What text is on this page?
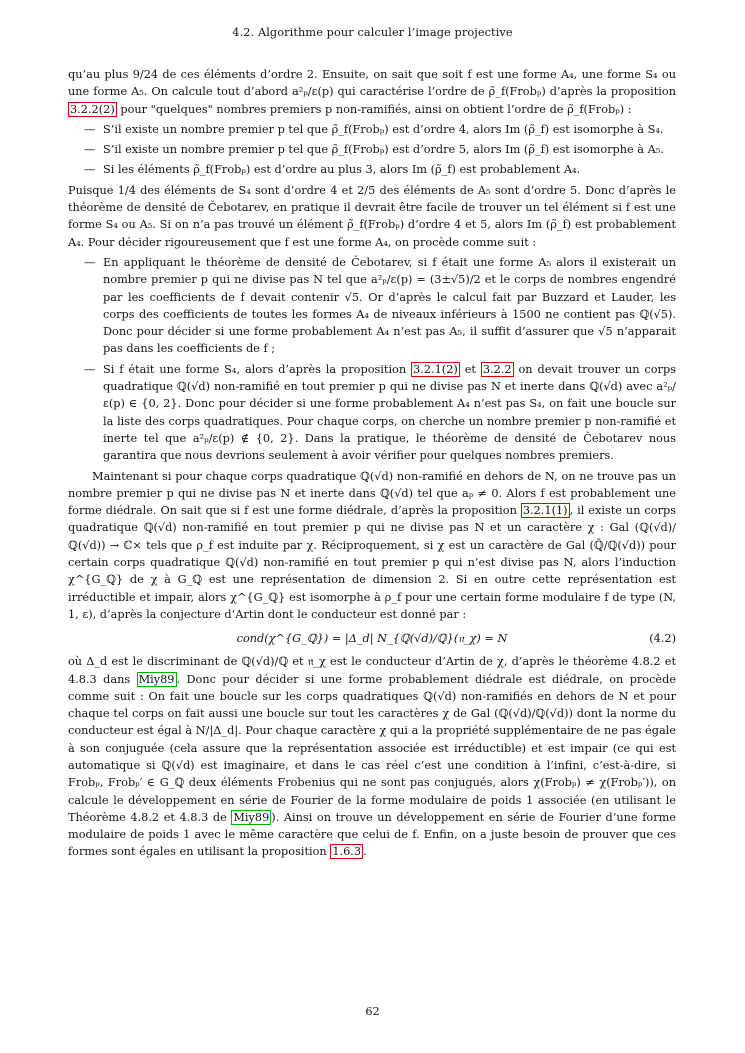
4.2. Algorithme pour calculer l’image projective

qu’au plus 9/24 de ces éléments d’ordre 2. Ensuite, on sait que soit f est une forme A₄, une forme S₄ ou une forme A₅. On calcule tout d’abord a²ₚ/ε(p) qui caractérise l’ordre de ρ̃_f(Frobₚ) d’après la proposition 3.2.2(2) pour "quelques" nombres premiers p non-ramifiés, ainsi on obtient l’ordre de ρ̃_f(Frobₚ) :

— S’il existe un nombre premier p tel que ρ̃_f(Frobₚ) est d’ordre 4, alors Im (ρ̃_f) est isomorphe à S₄.
— S’il existe un nombre premier p tel que ρ̃_f(Frobₚ) est d’ordre 5, alors Im (ρ̃_f) est isomorphe à A₅.
— Si les éléments ρ̃_f(Frobₚ) est d’ordre au plus 3, alors Im (ρ̃_f) est probablement A₄.

Puisque 1/4 des éléments de S₄ sont d’ordre 4 et 2/5 des éléments de A₅ sont d’ordre 5. Donc d’après le théorème de densité de Čebotarev, en pratique il devrait être facile de trouver un tel élément si f est une forme S₄ ou A₅. Si on n’a pas trouvé un élément ρ̃_f(Frobₚ) d’ordre 4 et 5, alors Im (ρ̃_f) est probablement A₄. Pour décider rigoureusement que f est une forme A₄, on procède comme suit :

— En appliquant le théorème de densité de Čebotarev, si f était une forme A₅ alors il existerait un nombre premier p qui ne divise pas N tel que a²ₚ/ε(p) = (3±√5)/2 et le corps de nombres engendré par les coefficients de f devait contenir √5. Or d’après le calcul fait par Buzzard et Lauder, les corps des coefficients de toutes les formes A₄ de niveaux inférieurs à 1500 ne contient pas ℚ(√5). Donc pour décider si une forme probablement A₄ n’est pas A₅, il suffit d’assurer que √5 n’apparait pas dans les coefficients de f ;
— Si f était une forme S₄, alors d’après la proposition 3.2.1(2) et 3.2.2 on devait trouver un corps quadratique ℚ(√d) non-ramifié en tout premier p qui ne divise pas N et inerte dans ℚ(√d) avec a²ₚ/ε(p) ∈ {0, 2}. Donc pour décider si une forme probablement A₄ n’est pas S₄, on fait une boucle sur la liste des corps quadratiques. Pour chaque corps, on cherche un nombre premier p non-ramifié et inerte tel que a²ₚ/ε(p) ∉ {0, 2}. Dans la pratique, le théorème de densité de Čebotarev nous garantira que nous devrions seulement à avoir vérifier pour quelques nombres premiers.

Maintenant si pour chaque corps quadratique ℚ(√d) non-ramifié en dehors de N, on ne trouve pas un nombre premier p qui ne divise pas N et inerte dans ℚ(√d) tel que aₚ ≠ 0. Alors f est probablement une forme diédrale. On sait que si f est une forme diédrale, d’après la proposition 3.2.1(1) , il existe un corps quadratique ℚ(√d) non-ramifié en tout premier p qui ne divise pas N et un caractère χ : Gal (ℚ(√d)/ℚ(√d)) → ℂ× tels que ρ_f est induite par χ. Réciproquement, si χ est un caractère de Gal (ℚ̄/ℚ(√d)) pour certain corps quadratique ℚ(√d) non-ramifié en tout premier p qui n’est divise pas N, alors l’induction χ^{G_ℚ} de χ à G_ℚ est une représentation de dimension 2. Si en outre cette représentation est irréductible et impair, alors χ^{G_ℚ} est isomorphe à ρ_f pour une certain forme modulaire f de type (N, 1, ε), d’après la conjecture d’Artin dont le conducteur est donné par :

cond(χ^{G_ℚ}) = |Δ_d| N_{ℚ(√d)/ℚ}(𝔫_χ) = N	(4.2)

où Δ_d est le discriminant de ℚ(√d)/ℚ et 𝔫_χ est le conducteur d’Artin de χ, d’après le théorème 4.8.2 et 4.8.3 dans Miy89 . Donc pour décider si une forme probablement diédrale est diédrale, on procède comme suit : On fait une boucle sur les corps quadratiques ℚ(√d) non-ramifiés en dehors de N et pour chaque tel corps on fait aussi une boucle sur tout les caractères χ de Gal (ℚ(√d)/ℚ(√d)) dont la norme du conducteur est égal à N/|Δ_d|. Pour chaque caractère χ qui a la propriété supplémentaire de ne pas égale à son conjuguée (cela assure que la représentation associée est irréductible) et est impair (ce qui est automatique si ℚ(√d) est imaginaire, et dans le cas réel c’est une condition à l’infini, c’est-à-dire, si Frobₚ, Frobₚ′ ∈ G_ℚ deux éléments Frobenius qui ne sont pas conjugués, alors χ(Frobₚ) ≠ χ(Frobₚ′)), on calcule le développement en série de Fourier de la forme modulaire de poids 1 associée (en utilisant le Théorème 4.8.2 et 4.8.3 de Miy89 ). Ainsi on trouve un développement en série de Fourier d’une forme modulaire de poids 1 avec le même caractère que celui de f. Enfin, on a juste besoin de prouver que ces formes sont égales en utilisant la proposition 1.6.3 .

62
